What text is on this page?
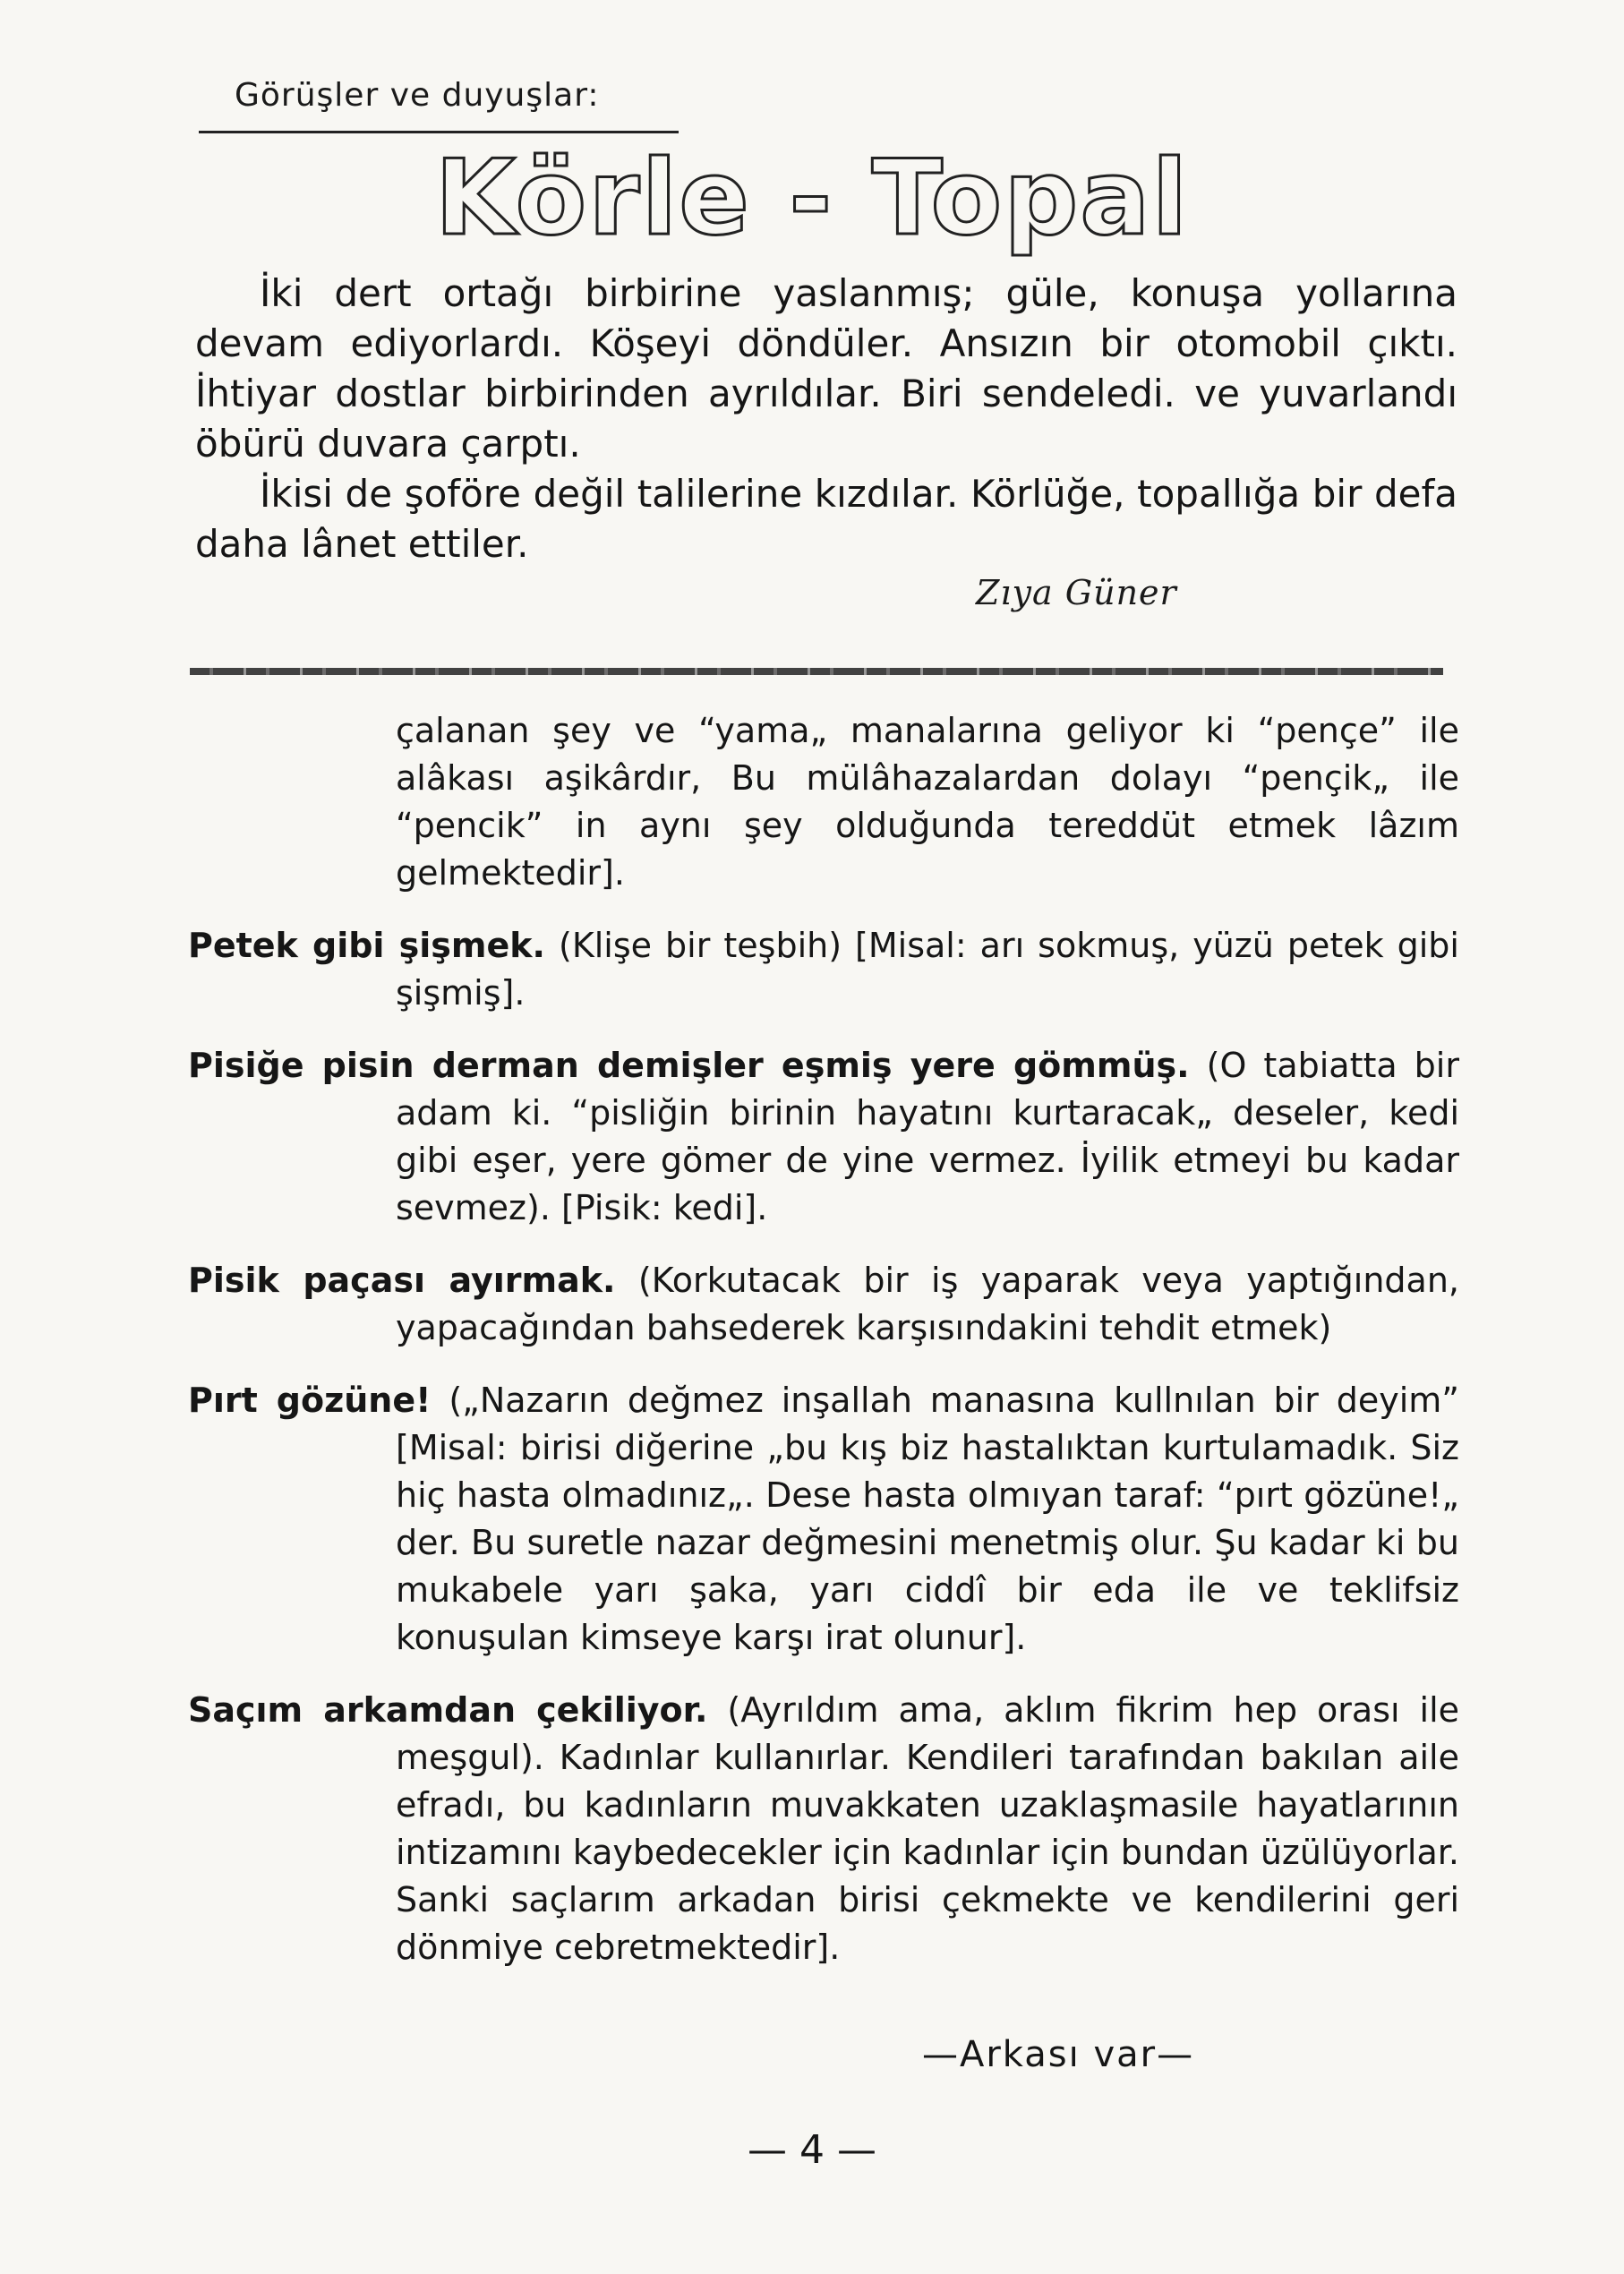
Görüşler ve duyuşlar:
Körle - Topal

İki dert ortağı birbirine yaslanmış; güle, konuşa yollarına devam ediyorlardı. Köşeyi döndüler. Ansızın bir otomobil çıktı. İhtiyar dostlar birbirinden ayrıldılar. Biri sendeledi. ve yuvarlandı öbürü duvara çarptı.

İkisi de şoföre değil talilerine kızdılar. Körlüğe, topallığa bir defa daha lânet ettiler.

Zıya Güner

çalanan şey ve “yama„ manalarına geliyor ki “pençe” ile alâkası aşikârdır, Bu mülâhazalardan dolayı “pençik„ ile “pencik” in aynı şey olduğunda tereddüt etmek lâzım gelmektedir].

Petek gibi şişmek. (Klişe bir teşbih) [Misal: arı sokmuş, yüzü petek gibi şişmiş].

Pisiğe pisin derman demişler eşmiş yere gömmüş. (O tabiatta bir adam ki. “pisliğin birinin hayatını kurtaracak„ deseler, kedi gibi eşer, yere gömer de yine vermez. İyilik etmeyi bu kadar sevmez). [Pisik: kedi].

Pisik paçası ayırmak. (Korkutacak bir iş yaparak veya yaptığından, yapacağından bahsederek karşısındakini tehdit etmek)

Pırt gözüne! („Nazarın değmez inşallah manasına kullnılan bir deyim” [Misal: birisi diğerine „bu kış biz hastalıktan kurtulamadık. Siz hiç hasta olmadınız„. Dese hasta olmıyan taraf: “pırt gözüne!„ der. Bu suretle nazar değmesini menetmiş olur. Şu kadar ki bu mukabele yarı şaka, yarı ciddî bir eda ile ve teklifsiz konuşulan kimseye karşı irat olunur].

Saçım arkamdan çekiliyor. (Ayrıldım ama, aklım fikrim hep orası ile meşgul). Kadınlar kullanırlar. Kendileri tarafından bakılan aile efradı, bu kadınların muvakkaten uzaklaşmasile hayatlarının intizamını kaybedecekler için kadınlar için bundan üzülüyorlar. Sanki saçlarım arkadan birisi çekmekte ve kendilerini geri dönmiye cebretmektedir].

—Arkası var—
— 4 —
